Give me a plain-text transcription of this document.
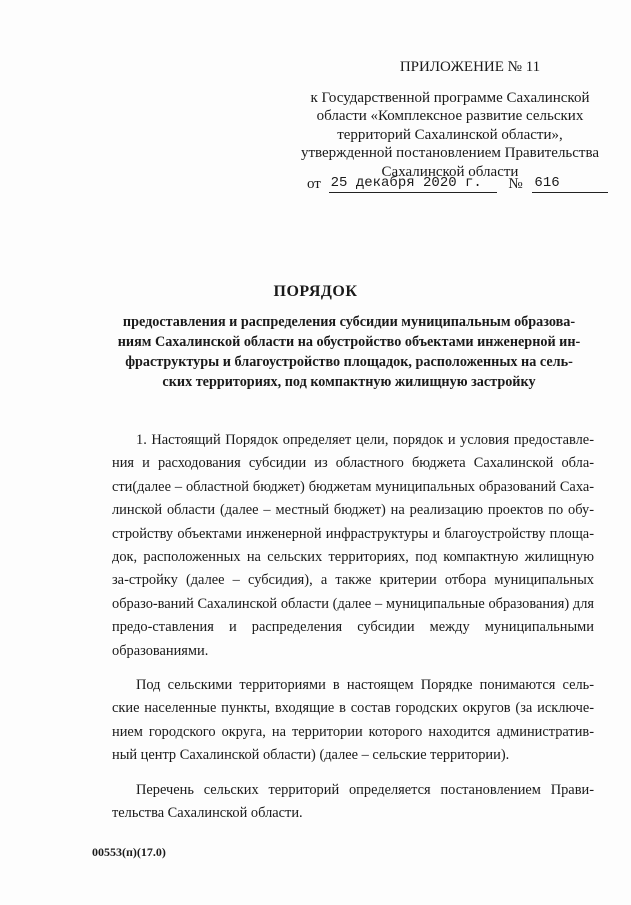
ПРИЛОЖЕНИЕ № 11
к Государственной программе Сахалинской
области «Комплексное развитие сельских
территорий Сахалинской области»,
утвержденной постановлением Правительства
Сахалинской области
от 25 декабря 2020 г. № 616
ПОРЯДОК
предоставления и распределения субсидии муниципальным образова-
ниям Сахалинской области на обустройство объектами инженерной ин-
фраструктуры и благоустройство площадок, расположенных на сель-
ских территориях, под компактную жилищную застройку

1. Настоящий Порядок определяет цели, порядок и условия предоставле-ния и расходования субсидии из областного бюджета Сахалинской обла-сти(далее – областной бюджет) бюджетам муниципальных образований Саха-линской области (далее – местный бюджет) на реализацию проектов по обу-стройству объектами инженерной инфраструктуры и благоустройству площа-док, расположенных на сельских территориях, под компактную жилищную за-стройку (далее – субсидия), а также критерии отбора муниципальных образо-ваний Сахалинской области (далее – муниципальные образования) для предо-ставления и распределения субсидии между муниципальными образованиями.

Под сельскими территориями в настоящем Порядке понимаются сель-ские населенные пункты, входящие в состав городских округов (за исключе-нием городского округа, на территории которого находится административ-ный центр Сахалинской области) (далее – сельские территории).

Перечень сельских территорий определяется постановлением Прави-тельства Сахалинской области.

00553(п)(17.0)
